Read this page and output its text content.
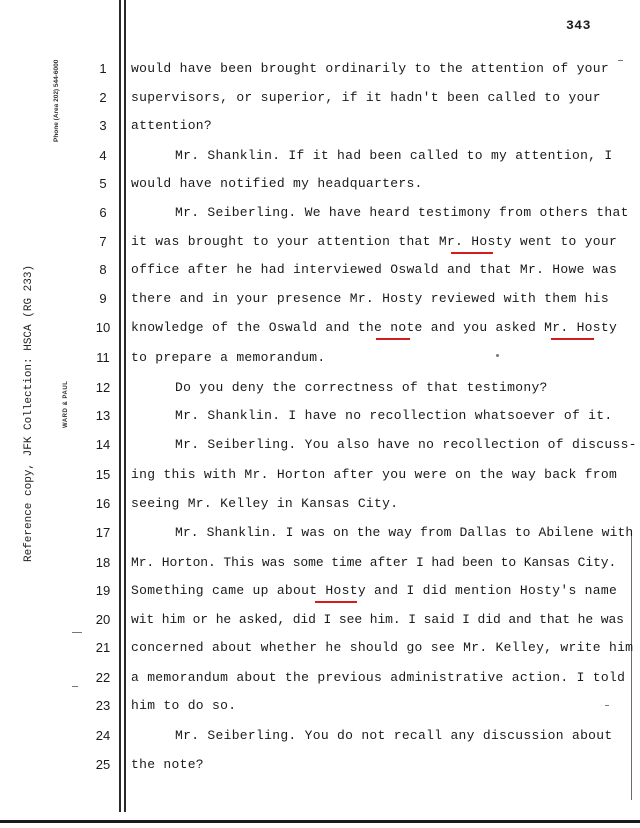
343
Phone (Area 202) 544-6000
WARD & PAUL
Reference copy, JFK Collection: HSCA (RG 233)
1	would have been brought ordinarily to the attention of your
2	supervisors, or superior, if it hadn't been called to your
3	attention?
4	Mr. Shanklin. If it had been called to my attention, I
5	would have notified my headquarters.
6	Mr. Seiberling. We have heard testimony from others that
7	it was brought to your attention that Mr. Hosty went to your
8	office after he had interviewed Oswald and that Mr. Howe was
9	there and in your presence Mr. Hosty reviewed with them his
10	knowledge of the Oswald and the note and you asked Mr. Hosty
11	to prepare a memorandum.
12	Do you deny the correctness of that testimony?
13	Mr. Shanklin. I have no recollection whatsoever of it.
14	Mr. Seiberling. You also have no recollection of discuss-
15	ing this with Mr. Horton after you were on the way back from
16	seeing Mr. Kelley in Kansas City.
17	Mr. Shanklin. I was on the way from Dallas to Abilene with
18	Mr. Horton. This was some time after I had been to Kansas City.
19	Something came up about Hosty and I did mention Hosty's name
20	wit him or he asked, did I see him. I said I did and that he was
21	concerned about whether he should go see Mr. Kelley, write him
22	a memorandum about the previous administrative action. I told
23	him to do so.
24	Mr. Seiberling. You do not recall any discussion about
25	the note?
